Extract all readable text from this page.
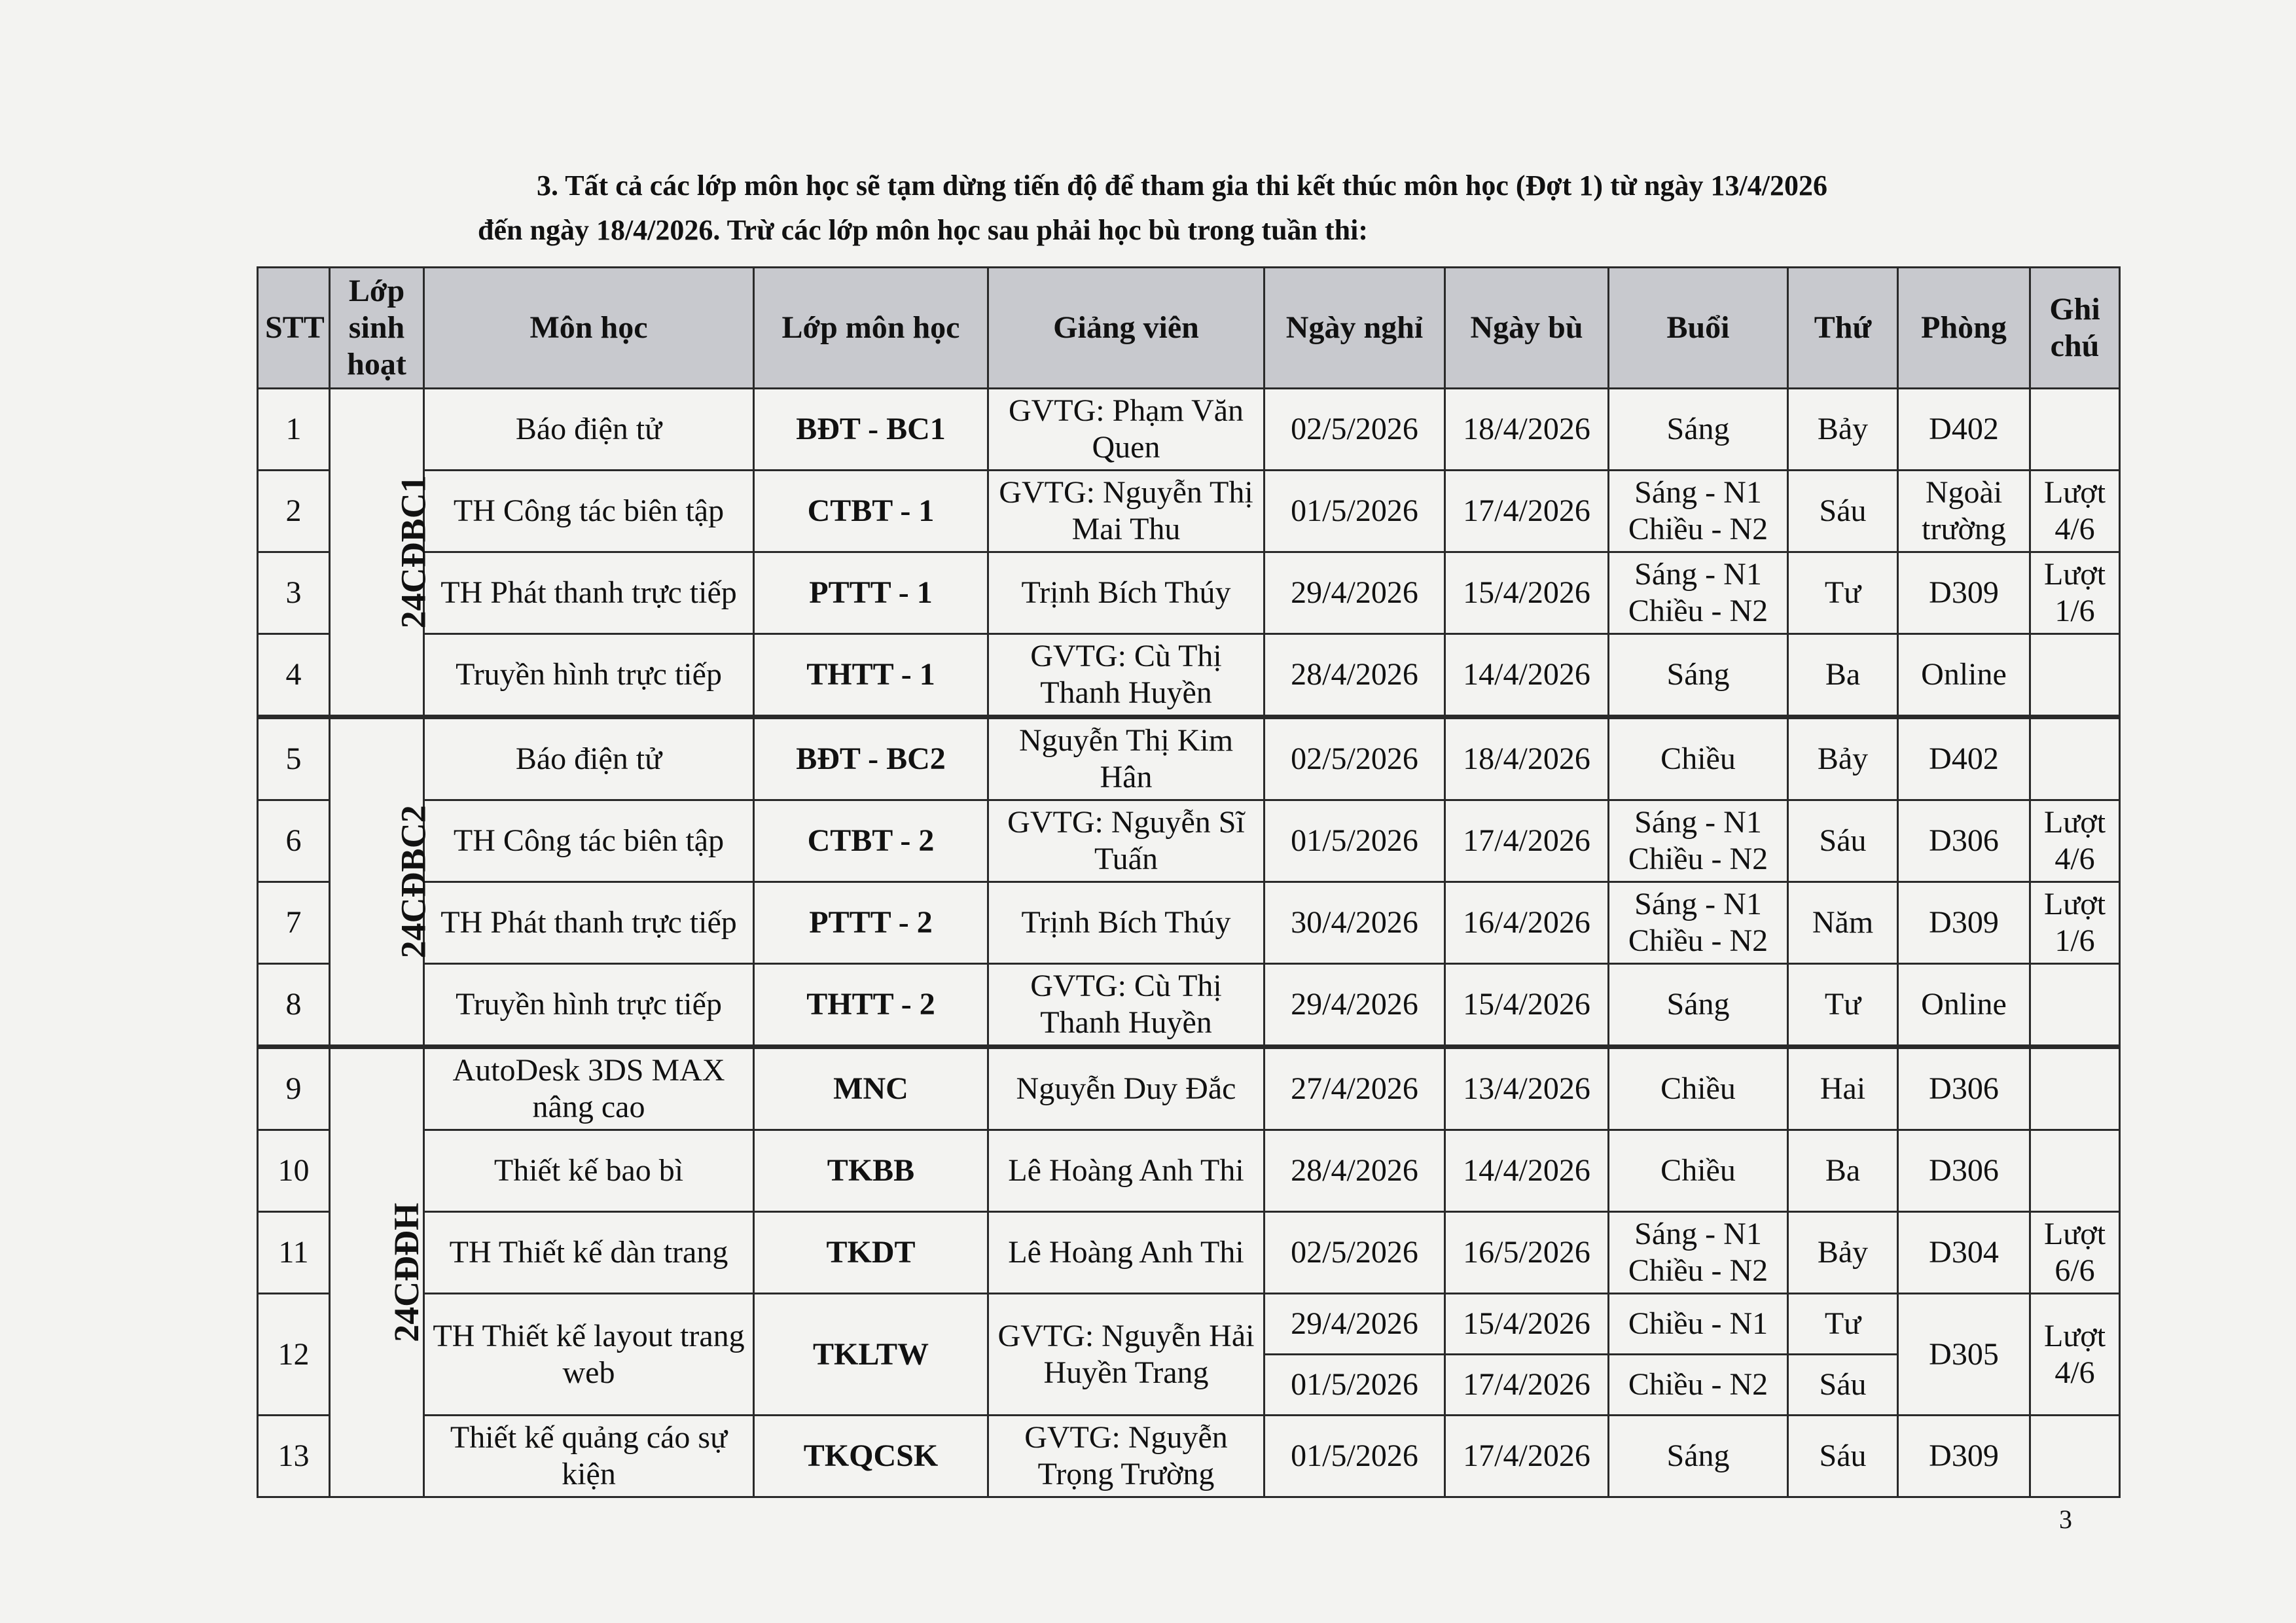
3. Tất cả các lớp môn học sẽ tạm dừng tiến độ để tham gia thi kết thúc môn học (Đợt 1) từ ngày 13/4/2026
đến ngày 18/4/2026. Trừ các lớp môn học sau phải học bù trong tuần thi:
STT	Lớp sinh hoạt	Môn học	Lớp môn học	Giảng viên	Ngày nghỉ	Ngày bù	Buổi	Thứ	Phòng	Ghi chú
1	24CĐBC1	Báo điện tử	BĐT - BC1	GVTG: Phạm Văn Quen	02/5/2026	18/4/2026	Sáng	Bảy	D402	
2		TH Công tác biên tập	CTBT - 1	GVTG: Nguyễn Thị Mai Thu	01/5/2026	17/4/2026	Sáng - N1 Chiều - N2	Sáu	Ngoài trường	Lượt 4/6
3		TH Phát thanh trực tiếp	PTTT - 1	Trịnh Bích Thúy	29/4/2026	15/4/2026	Sáng - N1 Chiều - N2	Tư	D309	Lượt 1/6
4		Truyền hình trực tiếp	THTT - 1	GVTG: Cù Thị Thanh Huyền	28/4/2026	14/4/2026	Sáng	Ba	Online	
5	24CĐBC2	Báo điện tử	BĐT - BC2	Nguyễn Thị Kim Hân	02/5/2026	18/4/2026	Chiều	Bảy	D402	
6		TH Công tác biên tập	CTBT - 2	GVTG: Nguyễn Sĩ Tuấn	01/5/2026	17/4/2026	Sáng - N1 Chiều - N2	Sáu	D306	Lượt 4/6
7		TH Phát thanh trực tiếp	PTTT - 2	Trịnh Bích Thúy	30/4/2026	16/4/2026	Sáng - N1 Chiều - N2	Năm	D309	Lượt 1/6
8		Truyền hình trực tiếp	THTT - 2	GVTG: Cù Thị Thanh Huyền	29/4/2026	15/4/2026	Sáng	Tư	Online	
9	24CĐĐH	AutoDesk 3DS MAX nâng cao	MNC	Nguyễn Duy Đắc	27/4/2026	13/4/2026	Chiều	Hai	D306	
10		Thiết kế bao bì	TKBB	Lê Hoàng Anh Thi	28/4/2026	14/4/2026	Chiều	Ba	D306	
11		TH Thiết kế dàn trang	TKDT	Lê Hoàng Anh Thi	02/5/2026	16/5/2026	Sáng - N1 Chiều - N2	Bảy	D304	Lượt 6/6
12		TH Thiết kế layout trang web	TKLTW	GVTG: Nguyễn Hải Huyền Trang	29/4/2026	15/4/2026	Chiều - N1	Tư	D305	Lượt 4/6
					01/5/2026	17/4/2026	Chiều - N2	Sáu		
13		Thiết kế quảng cáo sự kiện	TKQCSK	GVTG: Nguyễn Trọng Trường	01/5/2026	17/4/2026	Sáng	Sáu	D309	
3
